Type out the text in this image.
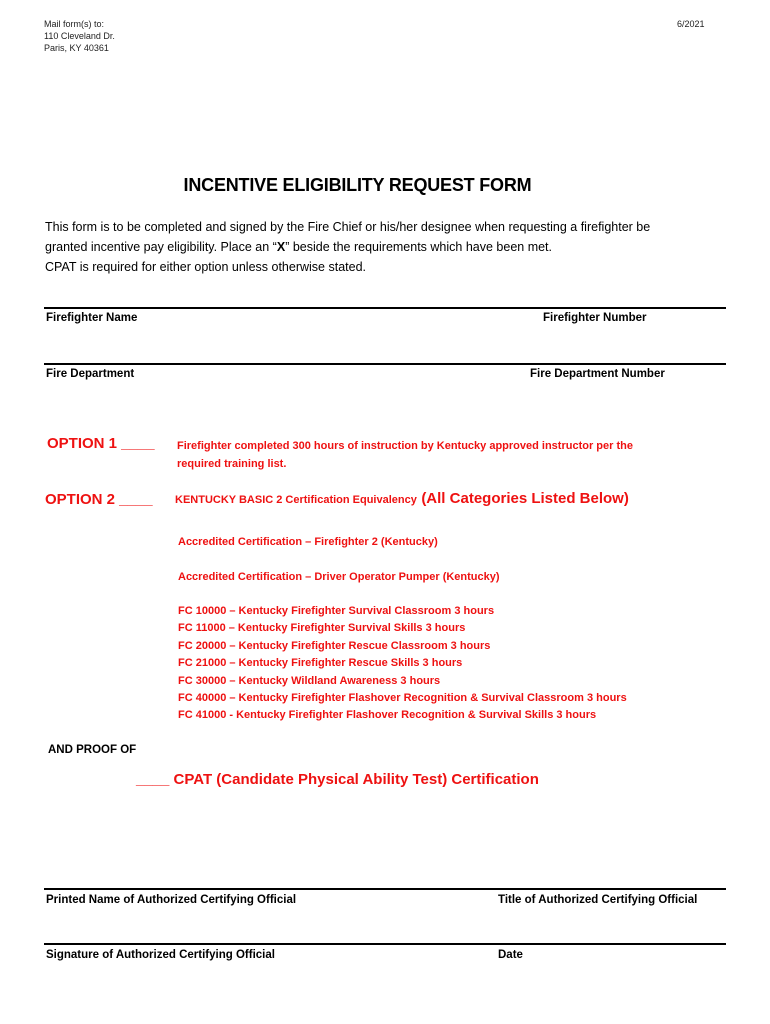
Mail form(s) to:
110 Cleveland Dr.
Paris, KY 40361
6/2021
INCENTIVE ELIGIBILITY REQUEST FORM
This form is to be completed and signed by the Fire Chief or his/her designee when requesting a firefighter be
granted incentive pay eligibility. Place an “X” beside the requirements which have been met.
CPAT is required for either option unless otherwise stated.
Firefighter Name	Firefighter Number
Fire Department	Fire Department Number
OPTION 1 ____ Firefighter completed 300 hours of instruction by Kentucky approved instructor per the
required training list.
OPTION 2 ____ KENTUCKY BASIC 2 Certification Equivalency (All Categories Listed Below)
Accredited Certification – Firefighter 2 (Kentucky)
Accredited Certification – Driver Operator Pumper (Kentucky)
FC 10000 – Kentucky Firefighter Survival Classroom 3 hours
FC 11000 – Kentucky Firefighter Survival Skills 3 hours
FC 20000 – Kentucky Firefighter Rescue Classroom 3 hours
FC 21000 – Kentucky Firefighter Rescue Skills 3 hours
FC 30000 – Kentucky Wildland Awareness 3 hours
FC 40000 – Kentucky Firefighter Flashover Recognition & Survival Classroom 3 hours
FC 41000 - Kentucky Firefighter Flashover Recognition & Survival Skills 3 hours
AND PROOF OF
____ CPAT (Candidate Physical Ability Test) Certification
Printed Name of Authorized Certifying Official	Title of Authorized Certifying Official
Signature of Authorized Certifying Official	Date
